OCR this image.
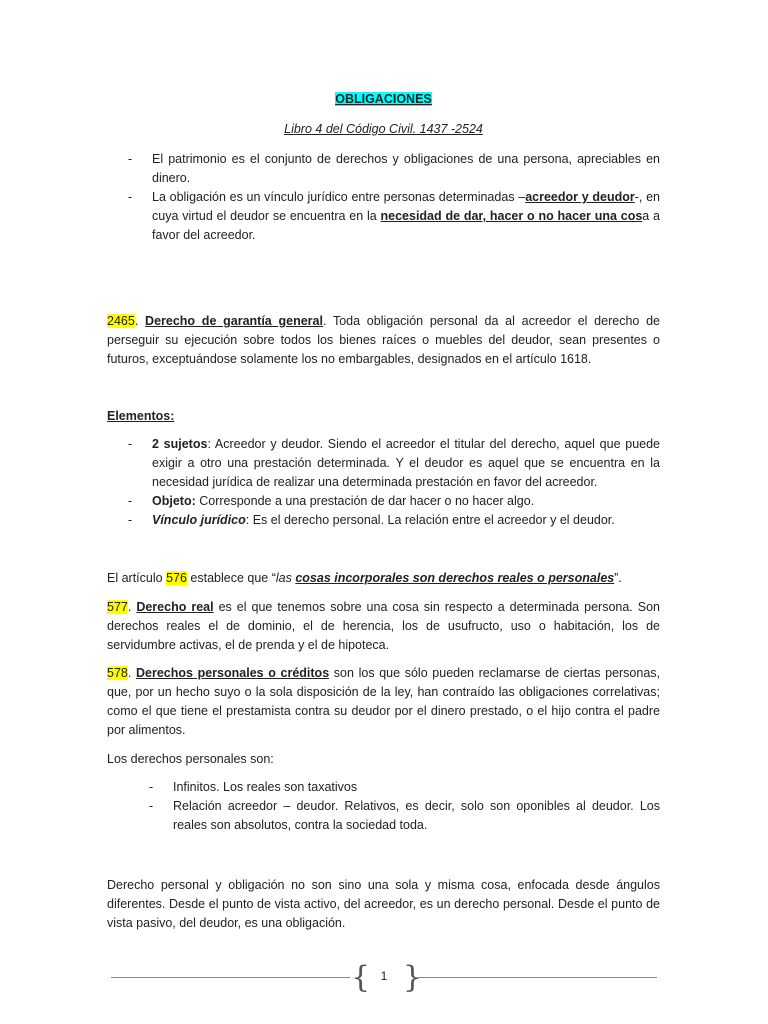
OBLIGACIONES
Libro 4 del Código Civil. 1437 -2524
- El patrimonio es el conjunto de derechos y obligaciones de una persona, apreciables en dinero.
- La obligación es un vínculo jurídico entre personas determinadas –acreedor y deudor-, en cuya virtud el deudor se encuentra en la necesidad de dar, hacer o no hacer una cosa a favor del acreedor.
2465. Derecho de garantía general. Toda obligación personal da al acreedor el derecho de perseguir su ejecución sobre todos los bienes raíces o muebles del deudor, sean presentes o futuros, exceptuándose solamente los no embargables, designados en el artículo 1618.
Elementos:
- 2 sujetos: Acreedor y deudor. Siendo el acreedor el titular del derecho, aquel que puede exigir a otro una prestación determinada. Y el deudor es aquel que se encuentra en la necesidad jurídica de realizar una determinada prestación en favor del acreedor.
- Objeto: Corresponde a una prestación de dar hacer o no hacer algo.
- Vínculo jurídico: Es el derecho personal. La relación entre el acreedor y el deudor.
El artículo 576 establece que “las cosas incorporales son derechos reales o personales”.
577. Derecho real es el que tenemos sobre una cosa sin respecto a determinada persona. Son derechos reales el de dominio, el de herencia, los de usufructo, uso o habitación, los de servidumbre activas, el de prenda y el de hipoteca.
578. Derechos personales o créditos son los que sólo pueden reclamarse de ciertas personas, que, por un hecho suyo o la sola disposición de la ley, han contraído las obligaciones correlativas; como el que tiene el prestamista contra su deudor por el dinero prestado, o el hijo contra el padre por alimentos.
Los derechos personales son:
- Infinitos. Los reales son taxativos
- Relación acreedor – deudor. Relativos, es decir, solo son oponibles al deudor. Los reales son absolutos, contra la sociedad toda.
Derecho personal y obligación no son sino una sola y misma cosa, enfocada desde ángulos diferentes. Desde el punto de vista activo, del acreedor, es un derecho personal. Desde el punto de vista pasivo, del deudor, es una obligación.
{ }
1
